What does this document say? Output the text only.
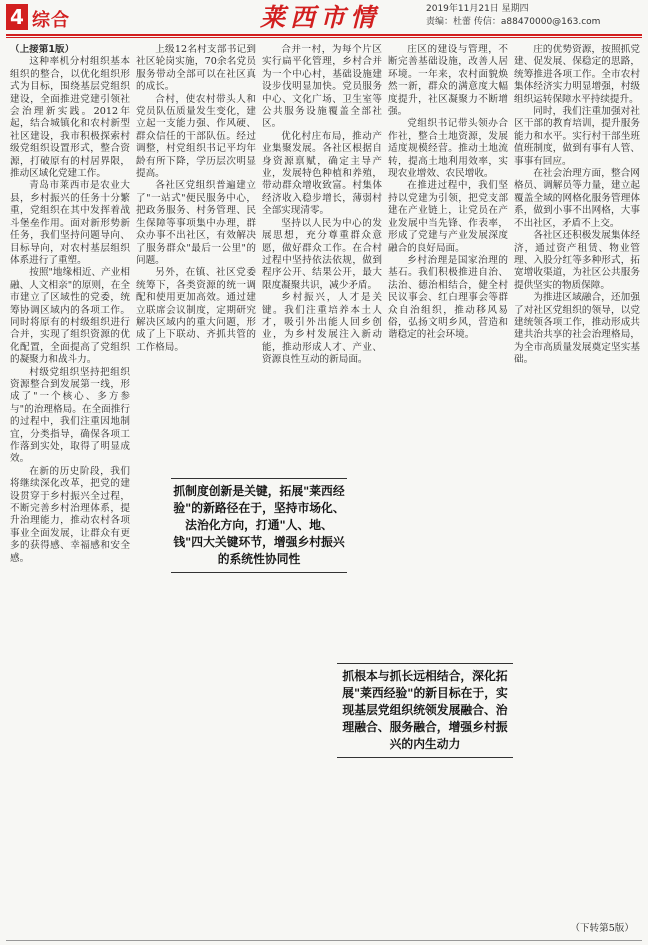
4 综合	莱西市情	2019年11月21日 星期四
责编：杜蕾 传信：a88470000@163.com

（上接第1版）

这种率机分村组织基本组织的整合，以优化组织形式为目标，围绕基层党组织建设，全面推进党建引领社会治理新实践。2012年起，结合城镇化和农村新型社区建设，我市积极探索村级党组织设置形式，整合资源，打破原有的村居界限，推动区域化党建工作。

青岛市莱西市是农业大县，乡村振兴的任务十分繁重，党组织在其中发挥着战斗堡垒作用。面对新形势新任务，我们坚持问题导向、目标导向，对农村基层组织体系进行了重塑。

按照"地缘相近、产业相融、人文相亲"的原则，在全市建立了区域性的党委，统筹协调区域内的各项工作。同时将原有的村级组织进行合并，实现了组织资源的优化配置，全面提高了党组织的凝聚力和战斗力。

村级党组织坚持把组织资源整合到发展第一线，形成了"一个核心、多方参与"的治理格局。在全面推行的过程中，我们注重因地制宜，分类指导，确保各项工作落到实处，取得了明显成效。

在新的历史阶段，我们将继续深化改革，把党的建设贯穿于乡村振兴全过程，不断完善乡村治理体系，提升治理能力，推动农村各项事业全面发展，让群众有更多的获得感、幸福感和安全感。

上级12名村支部书记到社区轮岗实施，70余名党员服务带动全部可以在社区真的成长。

合村，使农村带头人和党员队伍质量发生变化，建立起一支能力强、作风硬、群众信任的干部队伍。经过调整，村党组织书记平均年龄有所下降，学历层次明显提高。

各社区党组织普遍建立了"一站式"便民服务中心，把政务服务、村务管理、民生保障等事项集中办理，群众办事不出社区，有效解决了服务群众"最后一公里"的问题。

另外，在镇、社区党委统筹下，各类资源的统一调配和使用更加高效。通过建立联席会议制度，定期研究解决区域内的重大问题，形成了上下联动、齐抓共管的工作格局。

合并一村，为每个片区实行扁平化管理，乡村合并为一个中心村，基础设施建设步伐明显加快。党员服务中心、文化广场、卫生室等公共服务设施覆盖全部社区。

优化村庄布局，推动产业集聚发展。各社区根据自身资源禀赋，确定主导产业，发展特色种植和养殖，带动群众增收致富。村集体经济收入稳步增长，薄弱村全部实现清零。

坚持以人民为中心的发展思想，充分尊重群众意愿，做好群众工作。在合村过程中坚持依法依规，做到程序公开、结果公开，最大限度凝聚共识，减少矛盾。

乡村振兴，人才是关键。我们注重培养本土人才，吸引外出能人回乡创业，为乡村发展注入新动能，推动形成人才、产业、资源良性互动的新局面。

庄区的建设与管理，不断完善基础设施，改善人居环境。一年来，农村面貌焕然一新，群众的满意度大幅度提升，社区凝聚力不断增强。

党组织书记带头领办合作社，整合土地资源，发展适度规模经营。推动土地流转，提高土地利用效率，实现农业增效、农民增收。

在推进过程中，我们坚持以党建为引领，把党支部建在产业链上，让党员在产业发展中当先锋、作表率，形成了党建与产业发展深度融合的良好局面。

乡村治理是国家治理的基石。我们积极推进自治、法治、德治相结合，健全村民议事会、红白理事会等群众自治组织，推动移风易俗，弘扬文明乡风，营造和谐稳定的社会环境。

庄的优势资源，按照抓党建、促发展、保稳定的思路，统筹推进各项工作。全市农村集体经济实力明显增强，村级组织运转保障水平持续提升。

同时，我们注重加强对社区干部的教育培训，提升服务能力和水平。实行村干部坐班值班制度，做到有事有人管、事事有回应。

在社会治理方面，整合网格员、调解员等力量，建立起覆盖全域的网格化服务管理体系，做到小事不出网格，大事不出社区，矛盾不上交。

各社区还积极发展集体经济，通过资产租赁、物业管理、入股分红等多种形式，拓宽增收渠道，为社区公共服务提供坚实的物质保障。

为推进区域融合，还加强了对社区党组织的领导，以党建统领各项工作，推动形成共建共治共享的社会治理格局，为全市高质量发展奠定坚实基础。

抓制度创新是关键，拓展"莱西经验"的新路径在于，坚持市场化、法治化方向，打通"人、地、钱"四大关键环节，增强乡村振兴的系统性协同性
抓根本与抓长远相结合，深化拓展"莱西经验"的新目标在于，实现基层党组织统领发展融合、治理融合、服务融合，增强乡村振兴的内生动力
（下转第5版）
